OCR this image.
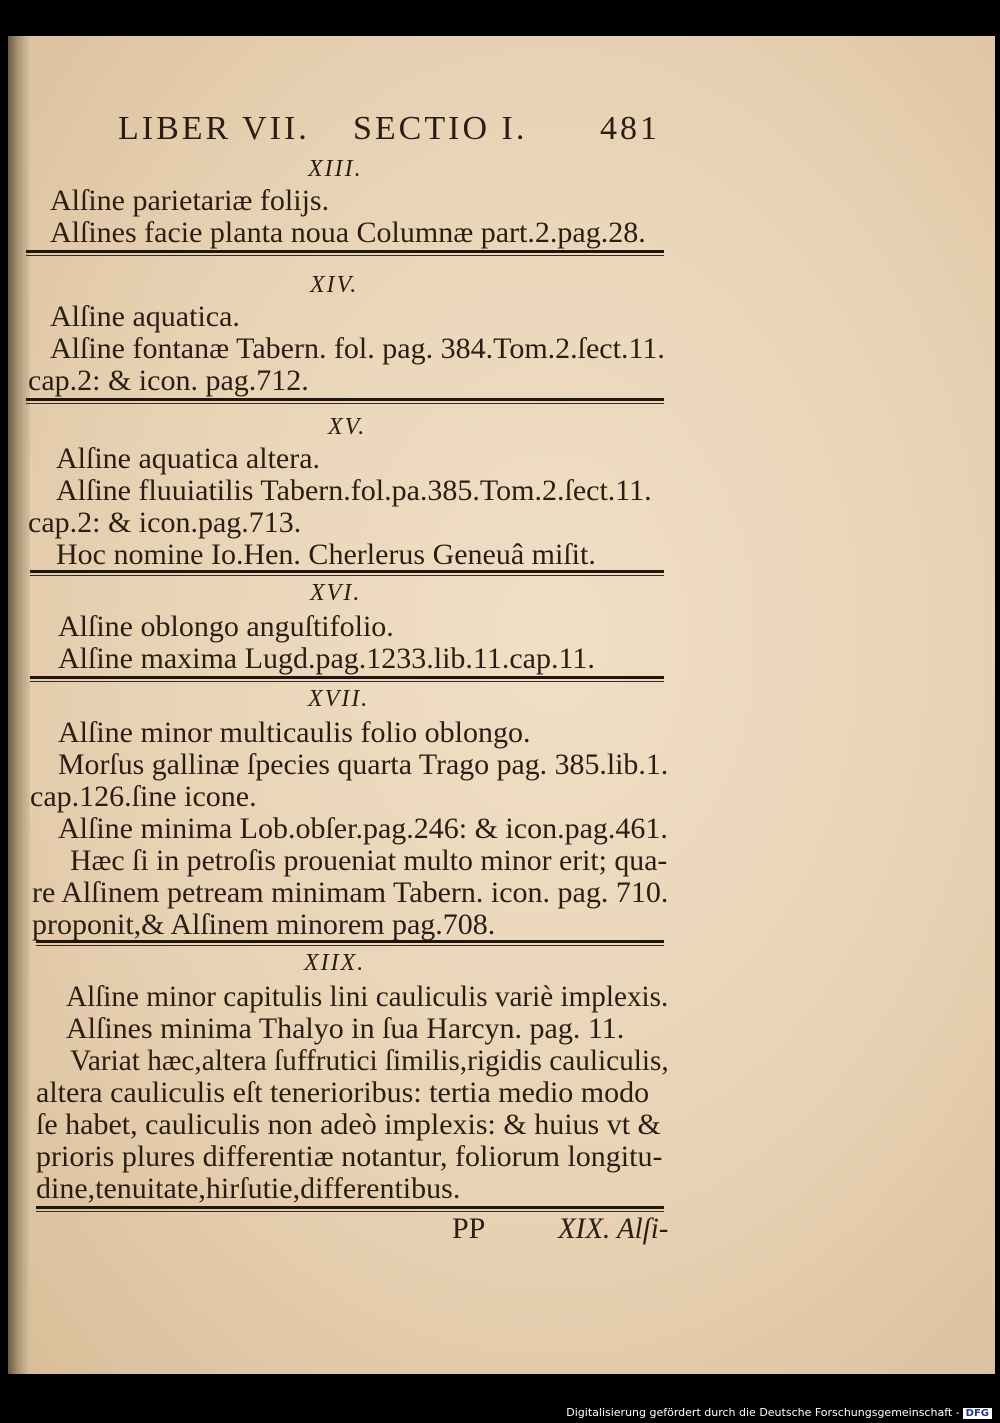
LIBER VII. SECTIO I. 481
XIII.
Alſine parietariæ folijs.
Alſines facie planta noua Columnæ part.2.pag.28.
XIV.
Alſine aquatica.
Alſine fontanæ Tabern. fol. pag. 384.Tom.2.ſect.11.
cap.2: & icon. pag.712.
XV.
Alſine aquatica altera.
Alſine fluuiatilis Tabern.fol.pa.385.Tom.2.ſect.11.
cap.2: & icon.pag.713.
Hoc nomine Io.Hen. Cherlerus Geneuâ miſit.
XVI.
Alſine oblongo anguſtifolio.
Alſine maxima Lugd.pag.1233.lib.11.cap.11.
XVII.
Alſine minor multicaulis folio oblongo.
Morſus gallinæ ſpecies quarta Trago pag. 385.lib.1.
cap.126.ſine icone.
Alſine minima Lob.obſer.pag.246: & icon.pag.461.
Hæc ſi in petroſis proueniat multo minor erit; qua-
re Alſinem petream minimam Tabern. icon. pag. 710.
proponit,& Alſinem minorem pag.708.
XIIX.
Alſine minor capitulis lini cauliculis variè implexis.
Alſines minima Thalyo in ſua Harcyn. pag. 11.
Variat hæc,altera ſuffrutici ſimilis,rigidis cauliculis,
altera cauliculis eſt tenerioribus: tertia medio modo
ſe habet, cauliculis non adeò implexis: & huius vt &
prioris plures differentiæ notantur, foliorum longitu-
dine,tenuitate,hirſutie,differentibus.
PP XIX. Alſi-
Digitalisierung gefördert durch die Deutsche Forschungsgemeinschaft - DFG
